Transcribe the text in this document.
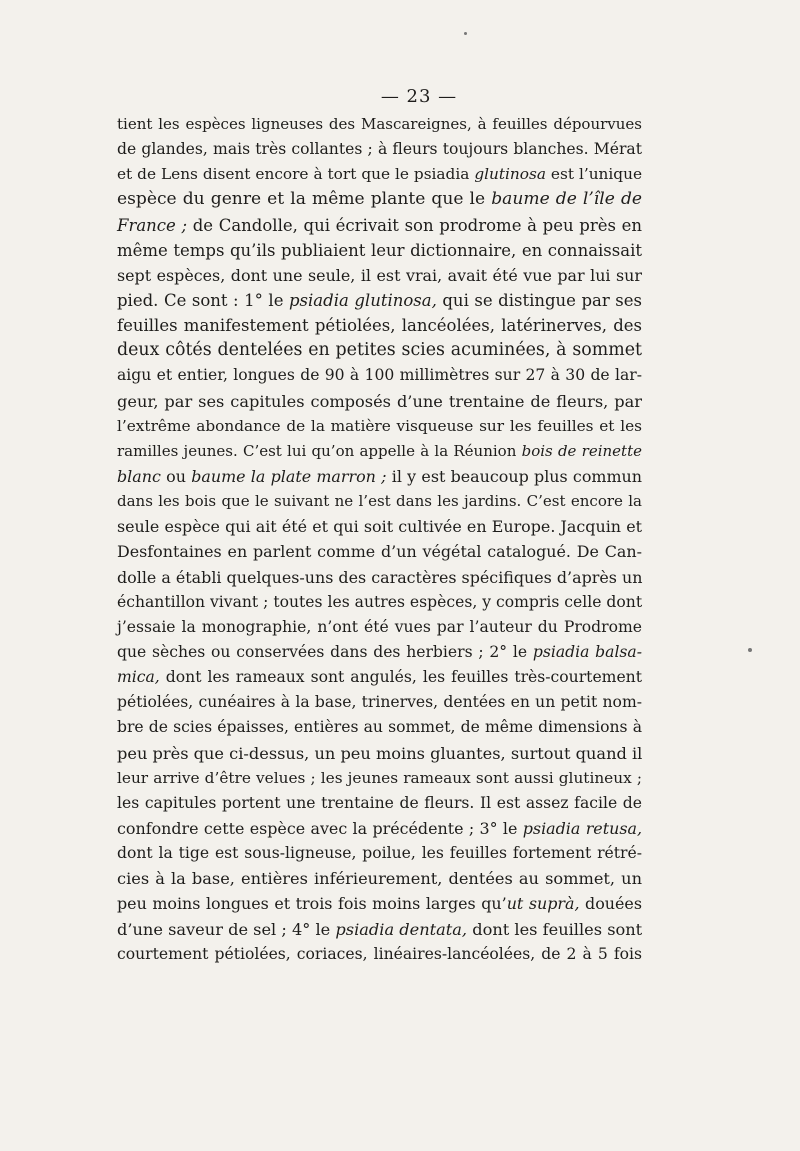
— 23 —
tient les espèces ligneuses des Mascareignes, à feuilles dépourvues
de glandes, mais très collantes ; à fleurs toujours blanches. Mérat
et de Lens disent encore à tort que le psiadia glutinosa est l’unique
espèce du genre et la même plante que le baume de l’île de
France ; de Candolle, qui écrivait son prodrome à peu près en
même temps qu’ils publiaient leur dictionnaire, en connaissait
sept espèces, dont une seule, il est vrai, avait été vue par lui sur
pied. Ce sont : 1° le psiadia glutinosa, qui se distingue par ses
feuilles manifestement pétiolées, lancéolées, latérinerves, des
deux côtés dentelées en petites scies acuminées, à sommet
aigu et entier, longues de 90 à 100 millimètres sur 27 à 30 de lar-
geur, par ses capitules composés d’une trentaine de fleurs, par
l’extrême abondance de la matière visqueuse sur les feuilles et les
ramilles jeunes. C’est lui qu’on appelle à la Réunion bois de reinette
blanc ou baume la plate marron ; il y est beaucoup plus commun
dans les bois que le suivant ne l’est dans les jardins. C’est encore la
seule espèce qui ait été et qui soit cultivée en Europe. Jacquin et
Desfontaines en parlent comme d’un végétal catalogué. De Can-
dolle a établi quelques-uns des caractères spécifiques d’après un
échantillon vivant ; toutes les autres espèces, y compris celle dont
j’essaie la monographie, n’ont été vues par l’auteur du Prodrome
que sèches ou conservées dans des herbiers ; 2° le psiadia balsa-
mica, dont les rameaux sont angulés, les feuilles très-courtement
pétiolées, cunéaires à la base, trinerves, dentées en un petit nom-
bre de scies épaisses, entières au sommet, de même dimensions à
peu près que ci-dessus, un peu moins gluantes, surtout quand il
leur arrive d’être velues ; les jeunes rameaux sont aussi glutineux ;
les capitules portent une trentaine de fleurs. Il est assez facile de
confondre cette espèce avec la précédente ; 3° le psiadia retusa,
dont la tige est sous-ligneuse, poilue, les feuilles fortement rétré-
cies à la base, entières inférieurement, dentées au sommet, un
peu moins longues et trois fois moins larges qu’ut suprà, douées
d’une saveur de sel ; 4° le psiadia dentata, dont les feuilles sont
courtement pétiolées, coriaces, linéaires-lancéolées, de 2 à 5 fois
